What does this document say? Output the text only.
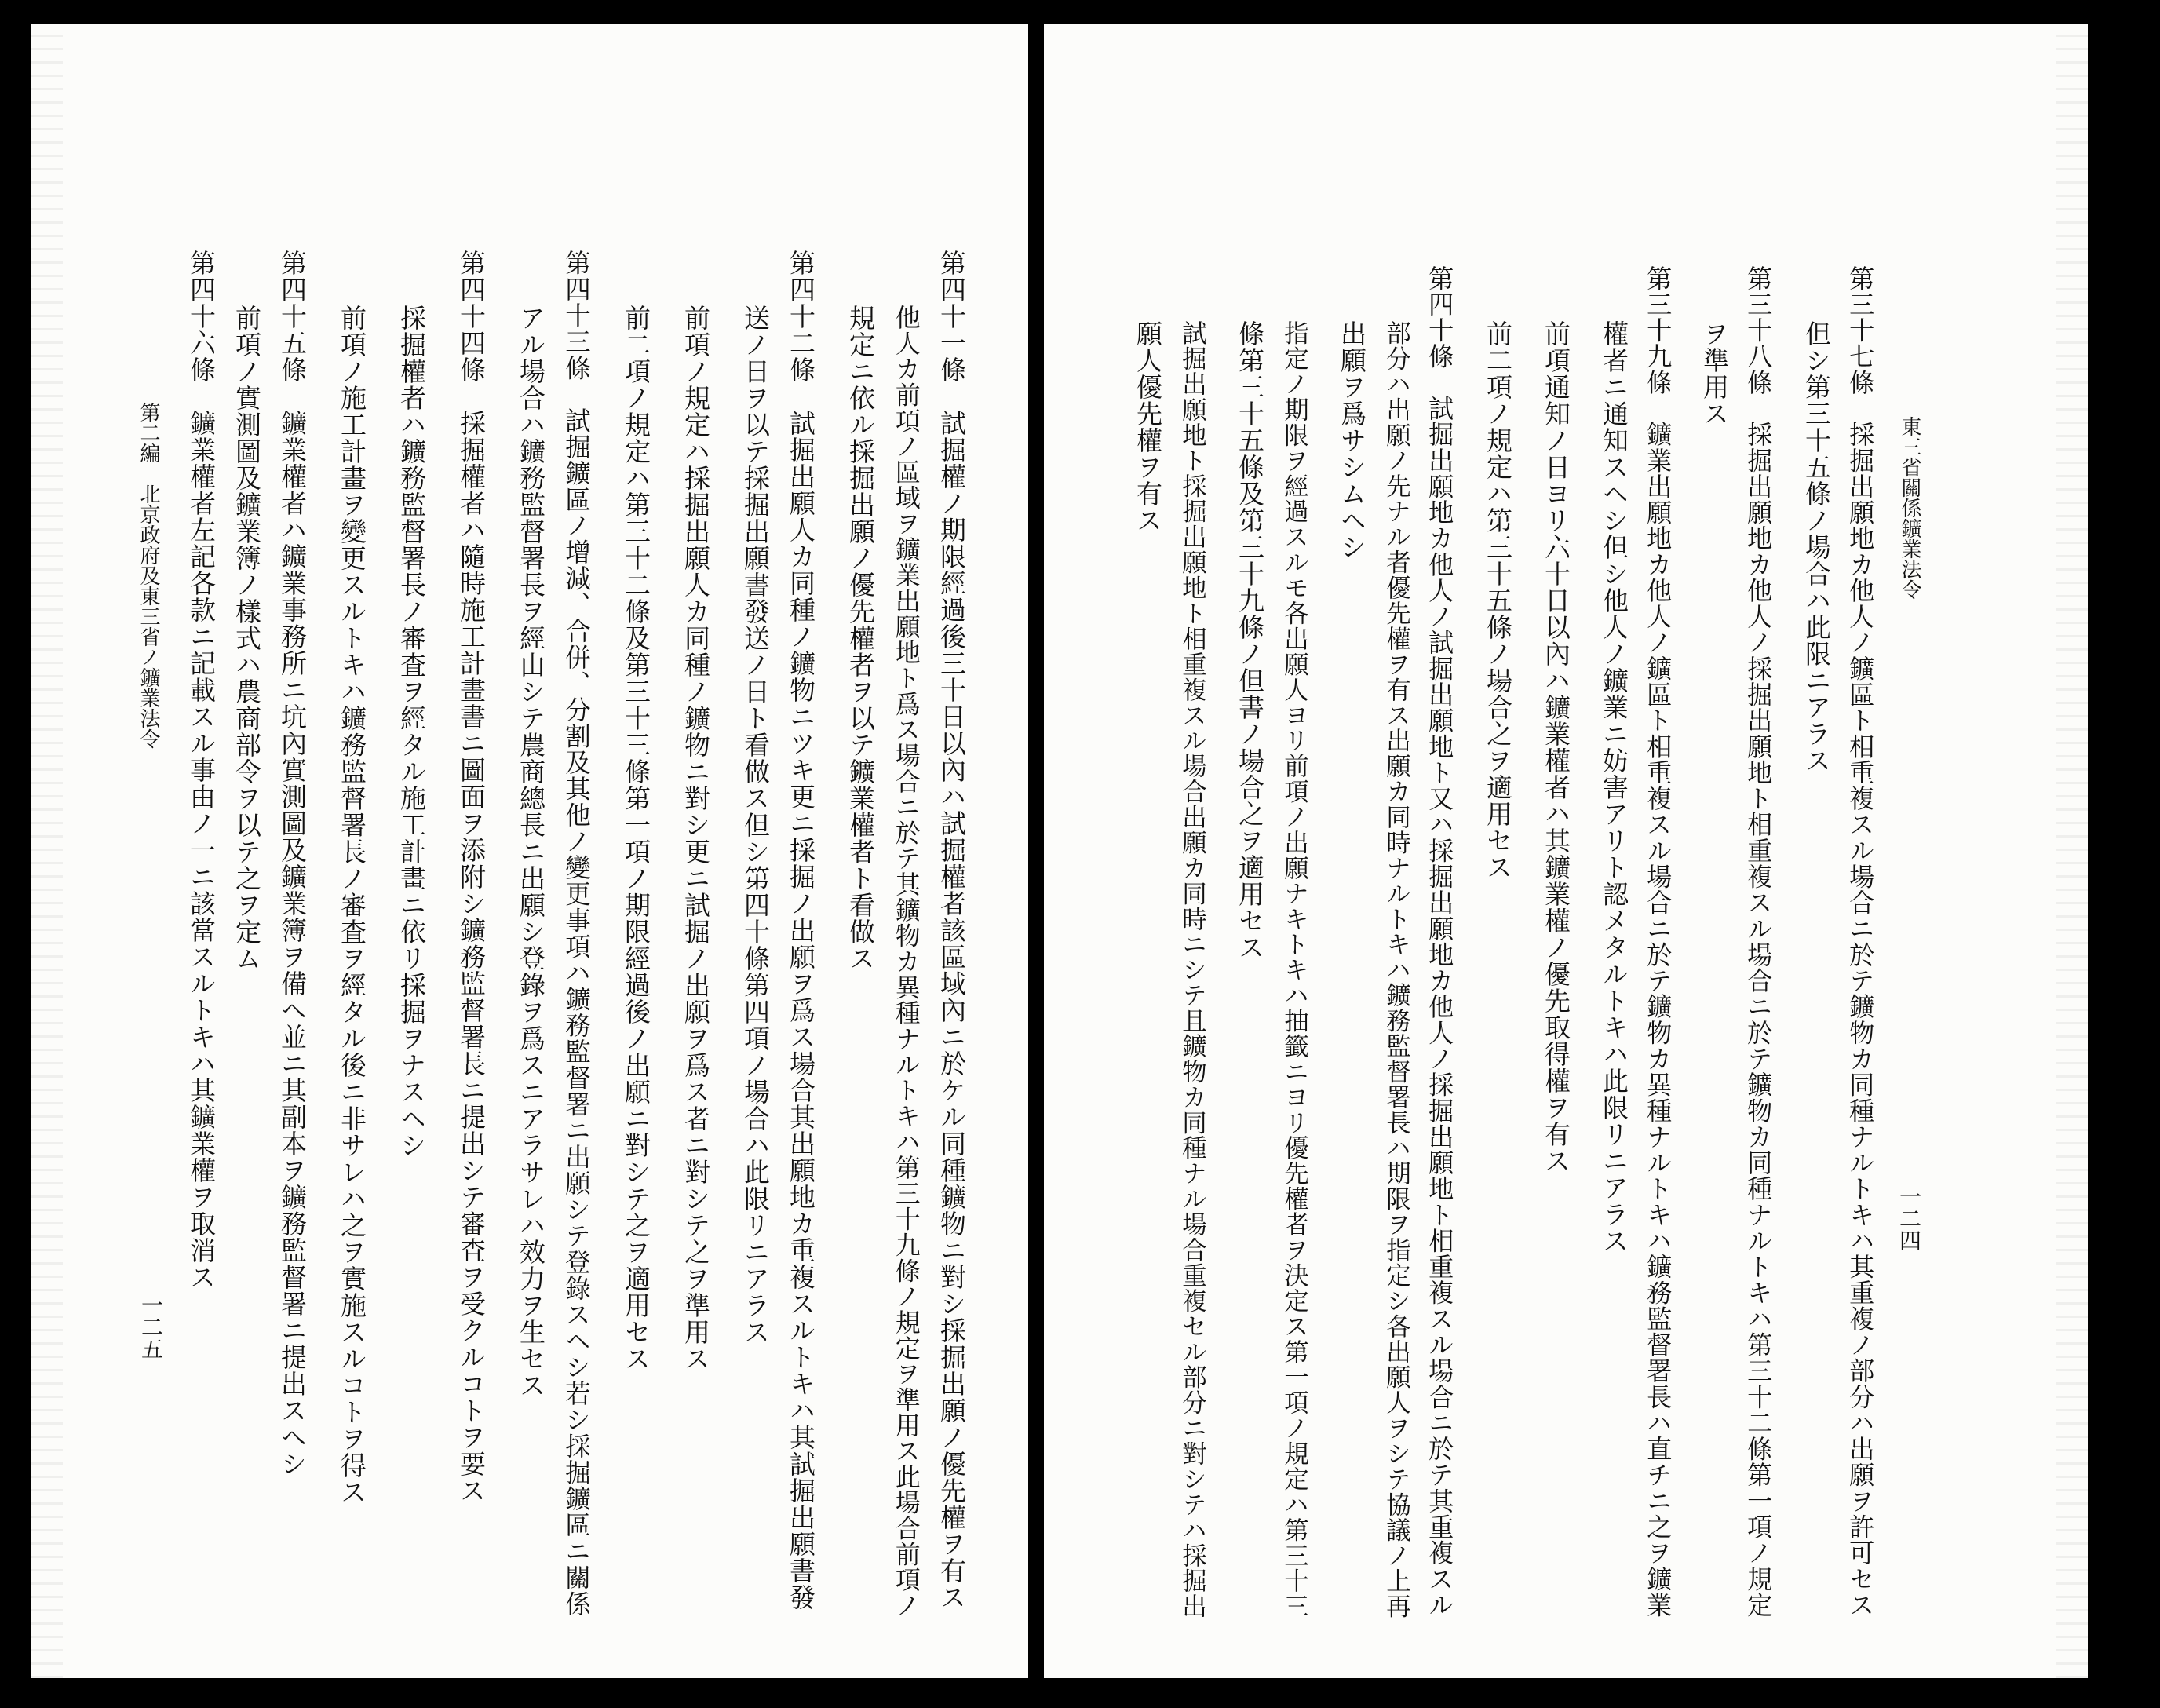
東三省關係鑛業法令
一二四
第三十七條　採掘出願地カ他人ノ鑛區ト相重複スル場合ニ於テ鑛物カ同種ナルトキハ其重複ノ部分ハ出願ヲ許可セス
但シ第三十五條ノ場合ハ此限ニアラス
第三十八條　採掘出願地カ他人ノ採掘出願地ト相重複スル場合ニ於テ鑛物カ同種ナルトキハ第三十二條第一項ノ規定
ヲ準用ス
第三十九條　鑛業出願地カ他人ノ鑛區ト相重複スル場合ニ於テ鑛物カ異種ナルトキハ鑛務監督署長ハ直チニ之ヲ鑛業
權者ニ通知スヘシ但シ他人ノ鑛業ニ妨害アリト認メタルトキハ此限リニアラス
前項通知ノ日ヨリ六十日以內ハ鑛業權者ハ其鑛業權ノ優先取得權ヲ有ス
前二項ノ規定ハ第三十五條ノ場合之ヲ適用セス
第四十條　試掘出願地カ他人ノ試掘出願地ト又ハ採掘出願地カ他人ノ採掘出願地ト相重複スル場合ニ於テ其重複スル
部分ハ出願ノ先ナル者優先權ヲ有ス出願カ同時ナルトキハ鑛務監督署長ハ期限ヲ指定シ各出願人ヲシテ協議ノ上再
出願ヲ爲サシムヘシ
指定ノ期限ヲ經過スルモ各出願人ヨリ前項ノ出願ナキトキハ抽籤ニヨリ優先權者ヲ決定ス第一項ノ規定ハ第三十三
條第三十五條及第三十九條ノ但書ノ場合之ヲ適用セス
試掘出願地ト採掘出願地ト相重複スル場合出願カ同時ニシテ且鑛物カ同種ナル場合重複セル部分ニ對シテハ採掘出
願人優先權ヲ有ス
第四十一條　試掘權ノ期限經過後三十日以內ハ試掘權者該區域內ニ於ケル同種鑛物ニ對シ採掘出願ノ優先權ヲ有ス
他人カ前項ノ區域ヲ鑛業出願地ト爲ス場合ニ於テ其鑛物カ異種ナルトキハ第三十九條ノ規定ヲ準用ス此場合前項ノ
規定ニ依ル採掘出願ノ優先權者ヲ以テ鑛業權者ト看做ス
第四十二條　試掘出願人カ同種ノ鑛物ニツキ更ニ採掘ノ出願ヲ爲ス場合其出願地カ重複スルトキハ其試掘出願書發
送ノ日ヲ以テ採掘出願書發送ノ日ト看做ス但シ第四十條第四項ノ場合ハ此限リニアラス
前項ノ規定ハ採掘出願人カ同種ノ鑛物ニ對シ更ニ試掘ノ出願ヲ爲ス者ニ對シテ之ヲ準用ス
前二項ノ規定ハ第三十二條及第三十三條第一項ノ期限經過後ノ出願ニ對シテ之ヲ適用セス
第四十三條　試掘鑛區ノ增減、合併、分割及其他ノ變更事項ハ鑛務監督署ニ出願シテ登錄スヘシ若シ採掘鑛區ニ關係
アル場合ハ鑛務監督署長ヲ經由シテ農商總長ニ出願シ登錄ヲ爲スニアラサレハ效力ヲ生セス
第四十四條　採掘權者ハ隨時施工計畫書ニ圖面ヲ添附シ鑛務監督署長ニ提出シテ審査ヲ受クルコトヲ要ス
採掘權者ハ鑛務監督署長ノ審査ヲ經タル施工計畫ニ依リ採掘ヲナスヘシ
前項ノ施工計畫ヲ變更スルトキハ鑛務監督署長ノ審査ヲ經タル後ニ非サレハ之ヲ實施スルコトヲ得ス
第四十五條　鑛業權者ハ鑛業事務所ニ坑內實測圖及鑛業簿ヲ備ヘ並ニ其副本ヲ鑛務監督署ニ提出スヘシ
前項ノ實測圖及鑛業簿ノ樣式ハ農商部令ヲ以テ之ヲ定ム
第四十六條　鑛業權者左記各款ニ記載スル事由ノ一ニ該當スルトキハ其鑛業權ヲ取消ス
第二編　北京政府及東三省ノ鑛業法令
一二五
